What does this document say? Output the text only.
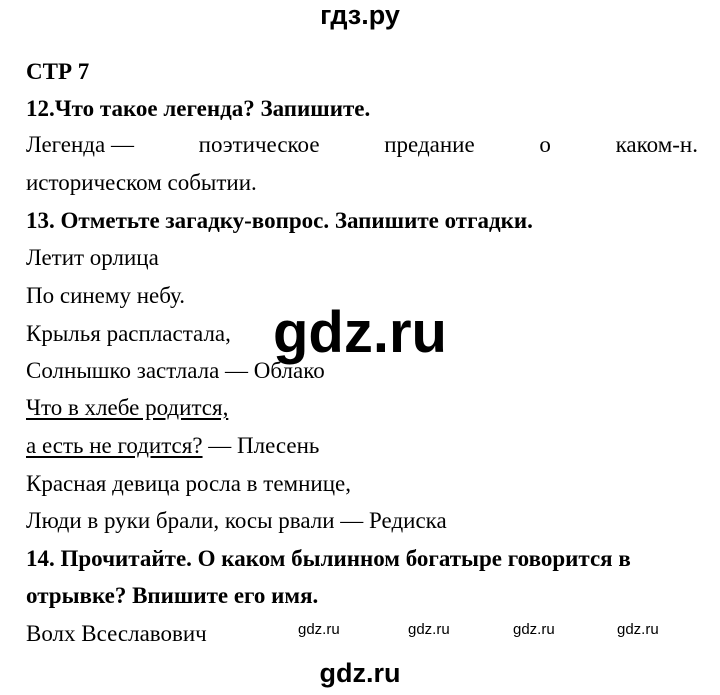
гдз.ру
СТР 7
12.Что такое легенда? Запишите.
Легенда —	поэтическое	предание	о	каком-н.
историческом событии.
13. Отметьте загадку-вопрос. Запишите отгадки.
Летит орлица
По синему небу.
Крылья распластала,
Солнышко застлала — Облако
Что в хлебе родится,
а есть не годится? — Плесень
Красная девица росла в темнице,
Люди в руки брали, косы рвали — Редиска
14. Прочитайте. О каком былинном богатыре говорится в
отрывке? Впишите его имя.
Волх Всеславович
gdz.ru
gdz.ru	gdz.ru	gdz.ru	gdz.ru
gdz.ru
